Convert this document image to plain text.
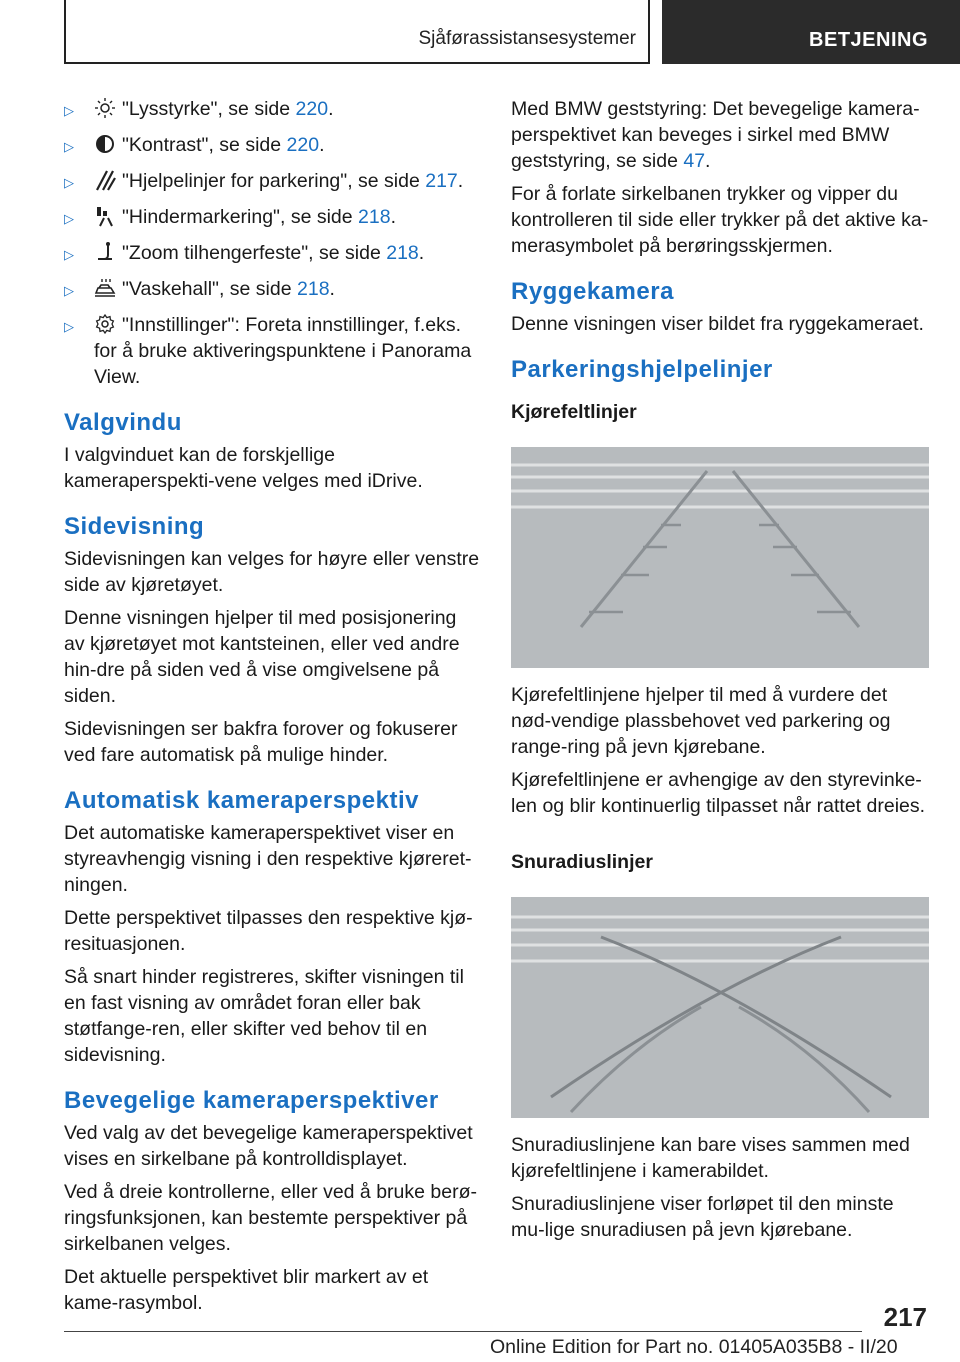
Sjåførassistansesystemer	BETJENING
▷	"Lysstyrke", se side 220.
▷	"Kontrast", se side 220.
▷	"Hjelpelinjer for parkering", se side 217.
▷	"Hindermarkering", se side 218.
▷	"Zoom tilhengerfeste", se side 218.
▷	"Vaskehall", se side 218.
▷	"Innstillinger": Foreta innstillinger, f.eks. for å bruke aktiveringspunktene i Panorama View.
Valgvindu

I valgvinduet kan de forskjellige kameraperspekti‐vene velges med iDrive.

Sidevisning

Sidevisningen kan velges for høyre eller venstre side av kjøretøyet.

Denne visningen hjelper til med posisjonering av kjøretøyet mot kantsteinen, eller ved andre hin‐dre på siden ved å vise omgivelsene på siden.

Sidevisningen ser bakfra forover og fokuserer ved fare automatisk på mulige hinder.

Automatisk kameraperspektiv

Det automatiske kameraperspektivet viser en styreavhengig visning i den respektive kjøreret‐ningen.

Dette perspektivet tilpasses den respektive kjø‐resituasjonen.

Så snart hinder registreres, skifter visningen til en fast visning av området foran eller bak støtfange‐ren, eller skifter ved behov til en sidevisning.

Bevegelige kameraperspektiver

Ved valg av det bevegelige kameraperspektivet vises en sirkelbane på kontrolldisplayet.

Ved å dreie kontrollerne, eller ved å bruke berø‐ringsfunksjonen, kan bestemte perspektiver på sirkelbanen velges.

Det aktuelle perspektivet blir markert av et kame‐rasymbol.

Med BMW geststyring: Det bevegelige kamera‐perspektivet kan beveges i sirkel med BMW geststyring, se side 47.

For å forlate sirkelbanen trykker og vipper du kontrolleren til side eller trykker på det aktive ka‐merasymbolet på berøringsskjermen.

Ryggekamera

Denne visningen viser bildet fra ryggekameraet.

Parkeringshjelpelinjer
Kjørefeltlinjer

Kjørefeltlinjene hjelper til med å vurdere det nød‐vendige plassbehovet ved parkering og range‐ring på jevn kjørebane.

Kjørefeltlinjene er avhengige av den styrevinke‐len og blir kontinuerlig tilpasset når rattet dreies.

Snuradiuslinjer

Snuradiuslinjene kan bare vises sammen med kjørefeltlinjene i kamerabildet.

Snuradiuslinjene viser forløpet til den minste mu‐lige snuradiusen på jevn kjørebane.

217
Online Edition for Part no. 01405A035B8 - II/20
